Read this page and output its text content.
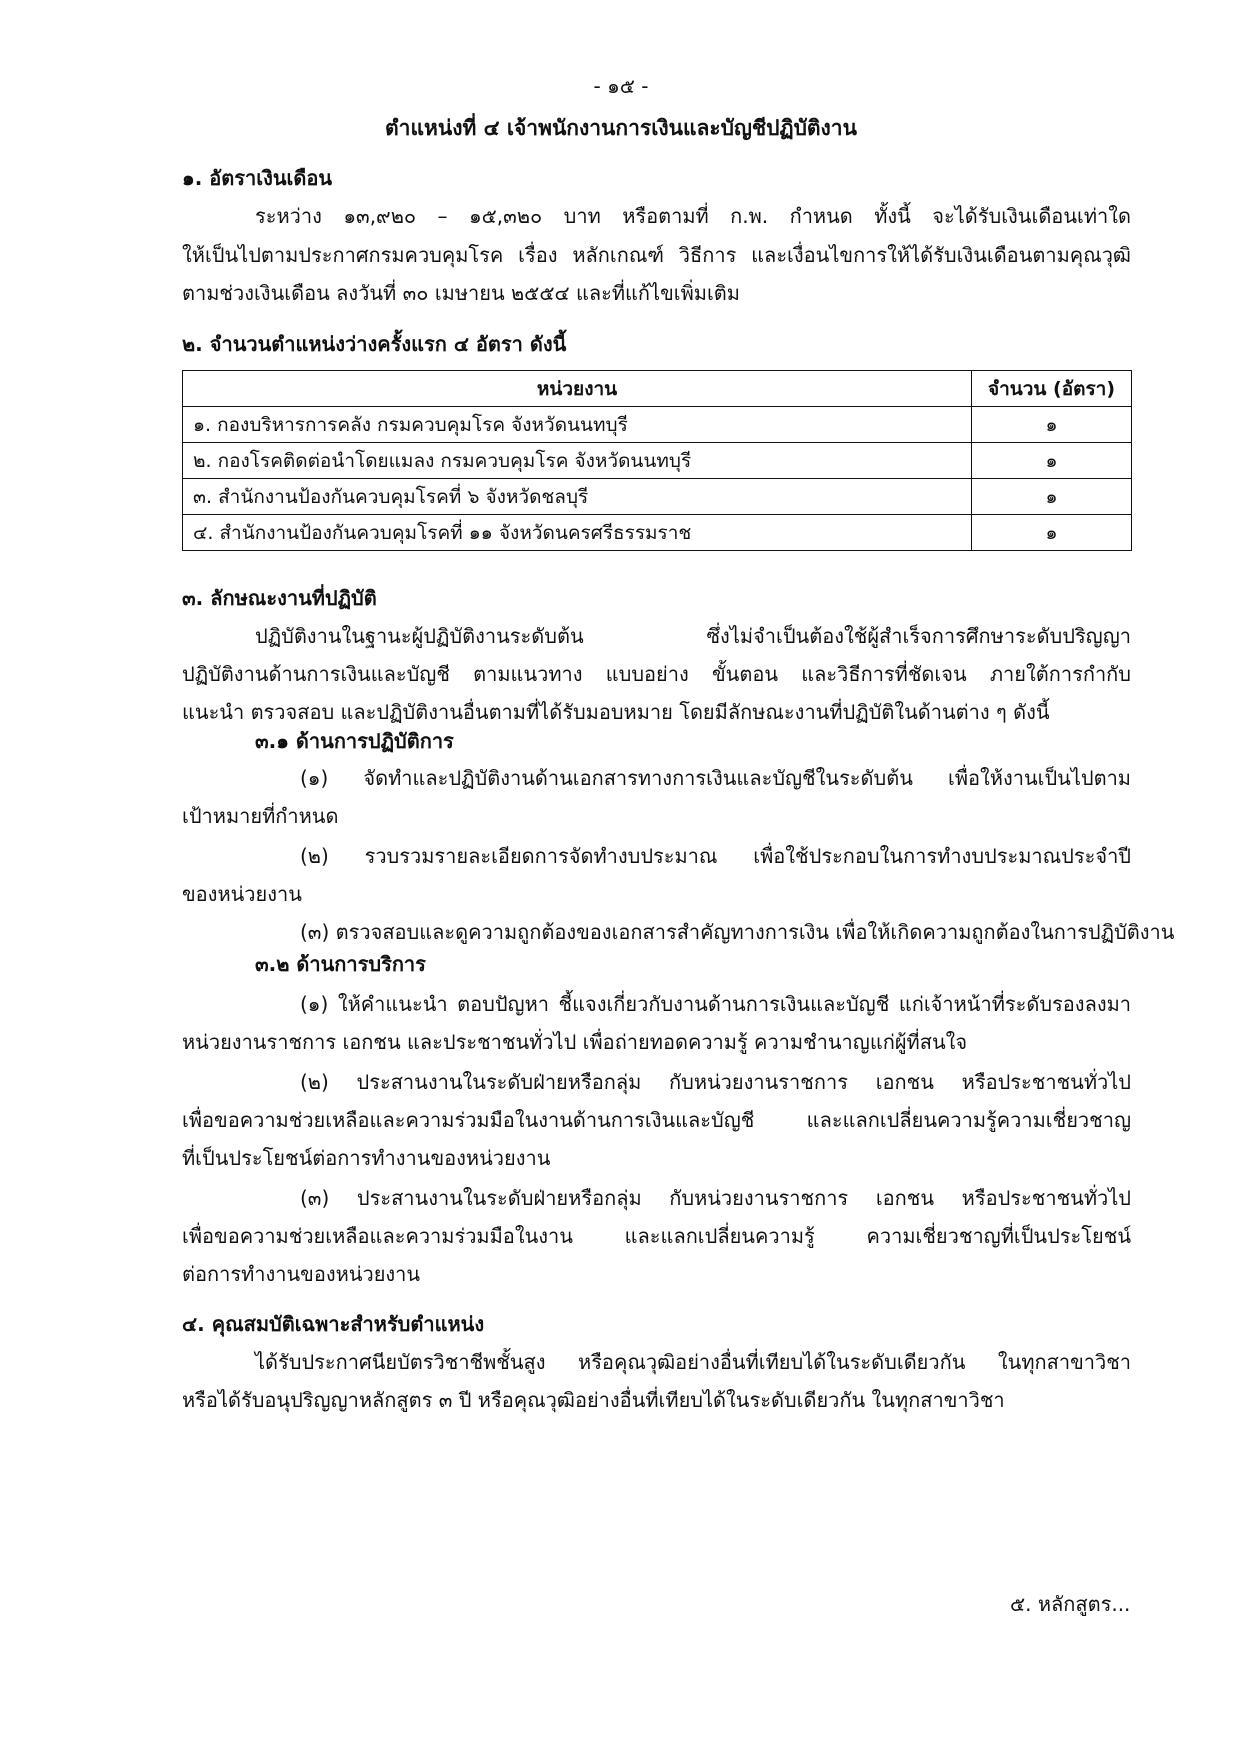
- ๑๕ -
ตำแหน่งที่ ๔ เจ้าพนักงานการเงินและบัญชีปฏิบัติงาน
๑. อัตราเงินเดือน
ระหว่าง ๑๓,๙๒๐ – ๑๕,๓๒๐ บาท หรือตามที่ ก.พ. กำหนด ทั้งนี้ จะได้รับเงินเดือนเท่าใด
ให้เป็นไปตามประกาศกรมควบคุมโรค เรื่อง หลักเกณฑ์ วิธีการ และเงื่อนไขการให้ได้รับเงินเดือนตามคุณวุฒิ
ตามช่วงเงินเดือน ลงวันที่ ๓๐ เมษายน ๒๕๕๔ และที่แก้ไขเพิ่มเติม
๒. จำนวนตำแหน่งว่างครั้งแรก ๔ อัตรา ดังนี้
หน่วยงาน	จำนวน (อัตรา)
๑. กองบริหารการคลัง กรมควบคุมโรค จังหวัดนนทบุรี	๑
๒. กองโรคติดต่อนำโดยแมลง กรมควบคุมโรค จังหวัดนนทบุรี	๑
๓. สำนักงานป้องกันควบคุมโรคที่ ๖ จังหวัดชลบุรี	๑
๔. สำนักงานป้องกันควบคุมโรคที่ ๑๑ จังหวัดนครศรีธรรมราช	๑
๓. ลักษณะงานที่ปฏิบัติ
ปฏิบัติงานในฐานะผู้ปฏิบัติงานระดับต้น ซึ่งไม่จำเป็นต้องใช้ผู้สำเร็จการศึกษาระดับปริญญา
ปฏิบัติงานด้านการเงินและบัญชี ตามแนวทาง แบบอย่าง ขั้นตอน และวิธีการที่ชัดเจน ภายใต้การกำกับ
แนะนำ ตรวจสอบ และปฏิบัติงานอื่นตามที่ได้รับมอบหมาย โดยมีลักษณะงานที่ปฏิบัติในด้านต่าง ๆ ดังนี้
๓.๑ ด้านการปฏิบัติการ
(๑) จัดทำและปฏิบัติงานด้านเอกสารทางการเงินและบัญชีในระดับต้น เพื่อให้งานเป็นไปตาม
เป้าหมายที่กำหนด
(๒) รวบรวมรายละเอียดการจัดทำงบประมาณ เพื่อใช้ประกอบในการทำงบประมาณประจำปี
ของหน่วยงาน
(๓) ตรวจสอบและดูความถูกต้องของเอกสารสำคัญทางการเงิน เพื่อให้เกิดความถูกต้องในการปฏิบัติงาน
๓.๒ ด้านการบริการ
(๑) ให้คำแนะนำ ตอบปัญหา ชี้แจงเกี่ยวกับงานด้านการเงินและบัญชี แก่เจ้าหน้าที่ระดับรองลงมา
หน่วยงานราชการ เอกชน และประชาชนทั่วไป เพื่อถ่ายทอดความรู้ ความชำนาญแก่ผู้ที่สนใจ
(๒) ประสานงานในระดับฝ่ายหรือกลุ่ม กับหน่วยงานราชการ เอกชน หรือประชาชนทั่วไป
เพื่อขอความช่วยเหลือและความร่วมมือในงานด้านการเงินและบัญชี และแลกเปลี่ยนความรู้ความเชี่ยวชาญ
ที่เป็นประโยชน์ต่อการทำงานของหน่วยงาน
(๓) ประสานงานในระดับฝ่ายหรือกลุ่ม กับหน่วยงานราชการ เอกชน หรือประชาชนทั่วไป
เพื่อขอความช่วยเหลือและความร่วมมือในงาน และแลกเปลี่ยนความรู้ ความเชี่ยวชาญที่เป็นประโยชน์
ต่อการทำงานของหน่วยงาน
๔. คุณสมบัติเฉพาะสำหรับตำแหน่ง
ได้รับประกาศนียบัตรวิชาชีพชั้นสูง หรือคุณวุฒิอย่างอื่นที่เทียบได้ในระดับเดียวกัน ในทุกสาขาวิชา
หรือได้รับอนุปริญญาหลักสูตร ๓ ปี หรือคุณวุฒิอย่างอื่นที่เทียบได้ในระดับเดียวกัน ในทุกสาขาวิชา
๕. หลักสูตร...
